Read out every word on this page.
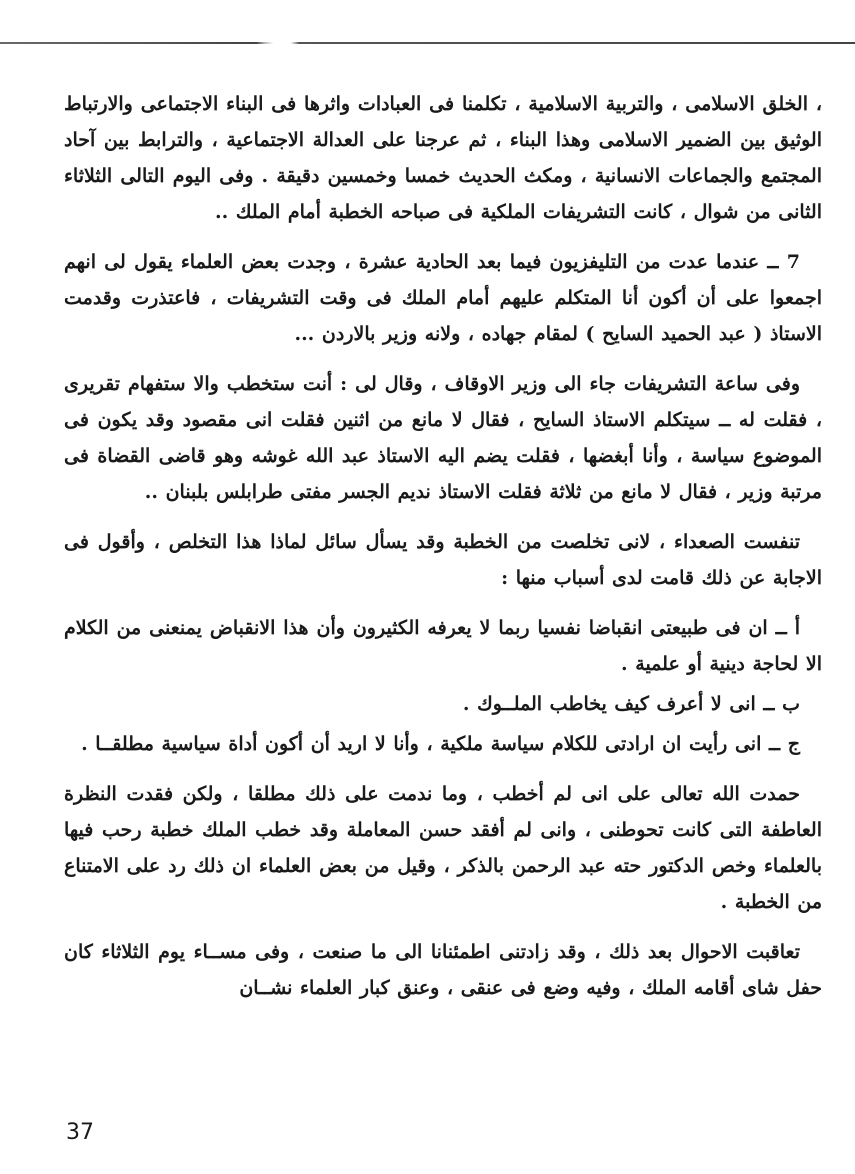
، الخلق الاسلامى ، والتربية الاسلامية ، تكلمنا فى العبادات واثرها فى البناء الاجتماعى والارتباط الوثيق بين الضمير الاسلامى وهذا البناء ، ثم عرجنا على العدالة الاجتماعية ، والترابط بين آحاد المجتمع والجماعات الانسانية ، ومكث الحديث خمسا وخمسين دقيقة . وفى اليوم التالى الثلاثاء الثانى من شوال ، كانت التشريفات الملكية فى صباحه الخطبة أمام الملك ..

7 ــ عندما عدت من التليفزيون فيما بعد الحادية عشرة ، وجدت بعض العلماء يقول لى انهم اجمعوا على أن أكون أنا المتكلم عليهم أمام الملك فى وقت التشريفات ، فاعتذرت وقدمت الاستاذ ( عبد الحميد السايح ) لمقام جهاده ، ولانه وزير بالاردن ...

وفى ساعة التشريفات جاء الى وزير الاوقاف ، وقال لى : أنت ستخطب والا ستفهام تقريرى ، فقلت له ــ سيتكلم الاستاذ السايح ، فقال لا مانع من اثنين فقلت انى مقصود وقد يكون فى الموضوع سياسة ، وأنا أبغضها ، فقلت يضم اليه الاستاذ عبد الله غوشه وهو قاضى القضاة فى مرتبة وزير ، فقال لا مانع من ثلاثة فقلت الاستاذ نديم الجسر مفتى طرابلس بلبنان ..

تنفست الصعداء ، لانى تخلصت من الخطبة وقد يسأل سائل لماذا هذا التخلص ، وأقول فى الاجابة عن ذلك قامت لدى أسباب منها :

أ ــ ان فى طبيعتى انقباضا نفسيا ربما لا يعرفه الكثيرون وأن هذا الانقباض يمنعنى من الكلام الا لحاجة دينية أو علمية .

ب ــ انى لا أعرف كيف يخاطب الملــوك .

ج ــ انى رأيت ان ارادتى للكلام سياسة ملكية ، وأنا لا اريد أن أكون أداة سياسية مطلقــا .

حمدت الله تعالى على انى لم أخطب ، وما ندمت على ذلك مطلقا ، ولكن فقدت النظرة العاطفة التى كانت تحوطنى ، وانى لم أفقد حسن المعاملة وقد خطب الملك خطبة رحب فيها بالعلماء وخص الدكتور حته عبد الرحمن بالذكر ، وقيل من بعض العلماء ان ذلك رد على الامتناع من الخطبة .

تعاقبت الاحوال بعد ذلك ، وقد زادتنى اطمئنانا الى ما صنعت ، وفى مســاء يوم الثلاثاء كان حفل شاى أقامه الملك ، وفيه وضع فى عنقى ، وعنق كبار العلماء نشــان

37
